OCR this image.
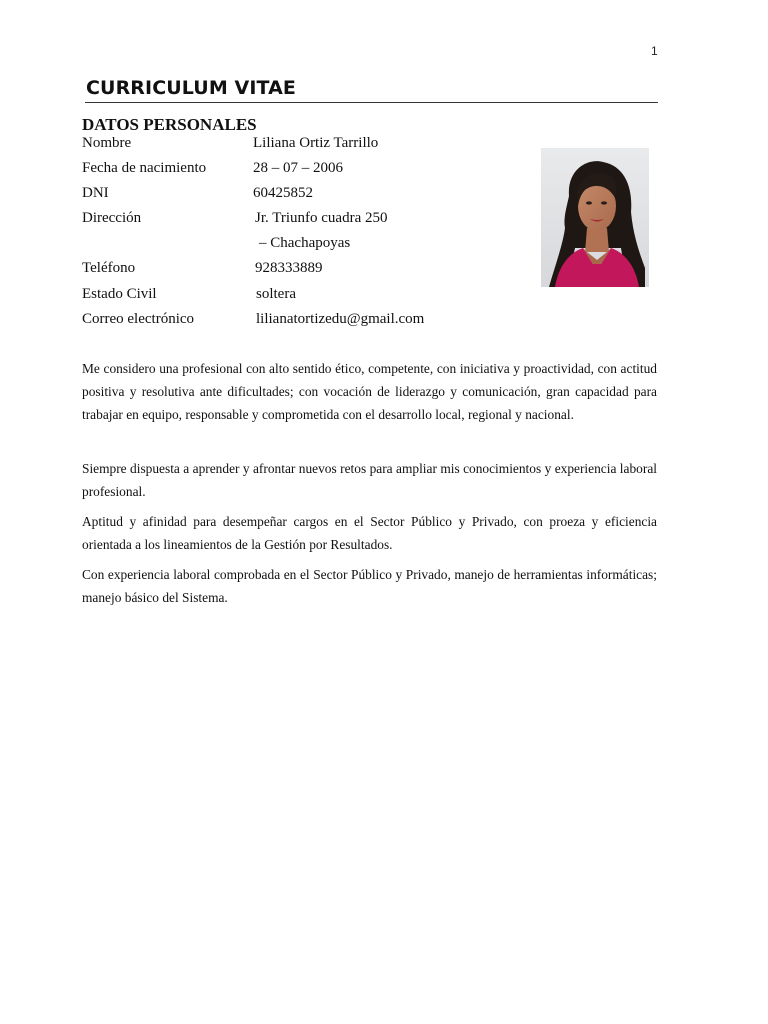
1
CURRICULUM VITAE
DATOS PERSONALES
Nombre	Liliana Ortiz Tarrillo
Fecha de nacimiento	28 – 07 – 2006
DNI	60425852
Dirección	Jr. Triunfo cuadra 250
– Chachapoyas
Teléfono	928333889
Estado Civil	soltera
Correo electrónico	lilianatortizedu@gmail.com

Me considero una profesional con alto sentido ético, competente, con iniciativa y proactividad, con actitud positiva y resolutiva ante dificultades; con vocación de liderazgo y comunicación, gran capacidad para trabajar en equipo, responsable y comprometida con el desarrollo local, regional y nacional.

Siempre dispuesta a aprender y afrontar nuevos retos para ampliar mis conocimientos y experiencia laboral profesional.

Aptitud y afinidad para desempeñar cargos en el Sector Público y Privado, con proeza y eficiencia orientada a los lineamientos de la Gestión por Resultados.

Con experiencia laboral comprobada en el Sector Público y Privado, manejo de herramientas informáticas; manejo básico del Sistema.
